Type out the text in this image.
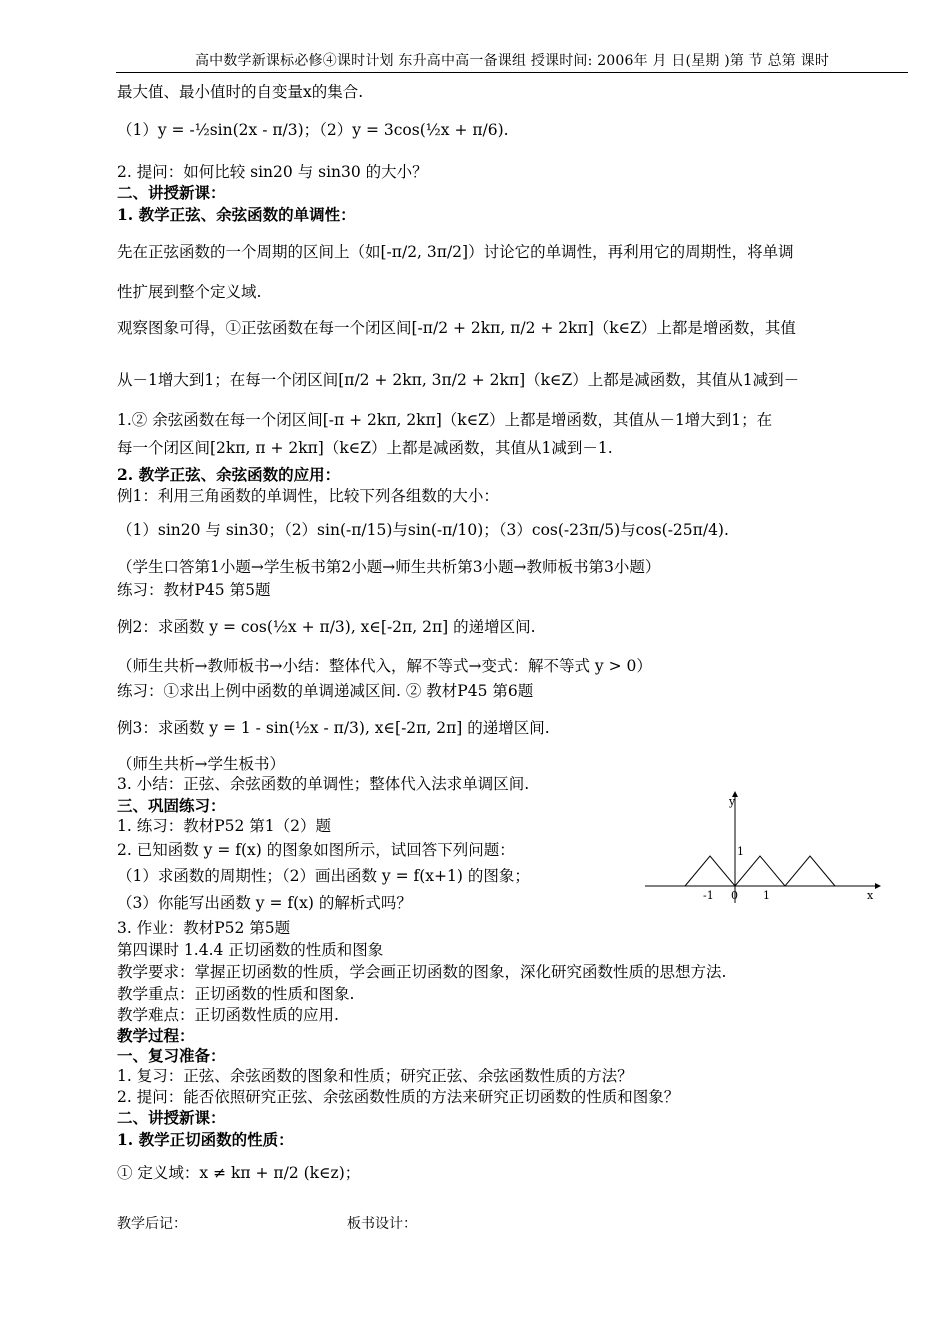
高中数学新课标必修④课时计划 东升高中高一备课组 授课时间: 2006年 月 日(星期 )第 节 总第 课时
最大值、最小值时的自变量x的集合.
（1）y = -½sin(2x - π/3)；（2）y = 3cos(½x + π/6).
2. 提问：如何比较 sin20 与 sin30 的大小？
二、讲授新课：
1. 教学正弦、余弦函数的单调性：
先在正弦函数的一个周期的区间上（如[-π/2, 3π/2]）讨论它的单调性，再利用它的周期性，将单调
性扩展到整个定义域.
观察图象可得，①正弦函数在每一个闭区间[-π/2 + 2kπ, π/2 + 2kπ]（k∈Z）上都是增函数，其值
从－1增大到1；在每一个闭区间[π/2 + 2kπ, 3π/2 + 2kπ]（k∈Z）上都是减函数，其值从1减到－
1.② 余弦函数在每一个闭区间[-π + 2kπ, 2kπ]（k∈Z）上都是增函数，其值从－1增大到1；在
每一个闭区间[2kπ, π + 2kπ]（k∈Z）上都是减函数，其值从1减到－1.
2. 教学正弦、余弦函数的应用：
例1：利用三角函数的单调性，比较下列各组数的大小：
（1）sin20 与 sin30；（2）sin(-π/15)与sin(-π/10)；（3）cos(-23π/5)与cos(-25π/4).
（学生口答第1小题→学生板书第2小题→师生共析第3小题→教师板书第3小题）
练习：教材P45 第5题
例2：求函数 y = cos(½x + π/3), x∈[-2π, 2π] 的递增区间.
（师生共析→教师板书→小结：整体代入，解不等式→变式：解不等式 y > 0）
练习：①求出上例中函数的单调递减区间. ② 教材P45 第6题
例3：求函数 y = 1 - sin(½x - π/3), x∈[-2π, 2π] 的递增区间.
（师生共析→学生板书）
3. 小结：正弦、余弦函数的单调性；整体代入法求单调区间.
三、巩固练习：
1. 练习：教材P52 第1（2）题
2. 已知函数 y = f(x) 的图象如图所示，试回答下列问题：
（1）求函数的周期性；（2）画出函数 y = f(x+1) 的图象；
（3）你能写出函数 y = f(x) 的解析式吗？
3. 作业：教材P52 第5题
第四课时 1.4.4 正切函数的性质和图象
教学要求：掌握正切函数的性质，学会画正切函数的图象，深化研究函数性质的思想方法.
教学重点：正切函数的性质和图象.
教学难点：正切函数性质的应用.
教学过程：
一、复习准备：
1. 复习：正弦、余弦函数的图象和性质；研究正弦、余弦函数性质的方法？
2. 提问：能否依照研究正弦、余弦函数性质的方法来研究正切函数的性质和图象？
二、讲授新课：
1. 教学正切函数的性质：
① 定义域：x ≠ kπ + π/2 (k∈z)；
y
x
1
-1 0 1
教学后记：	板书设计：
